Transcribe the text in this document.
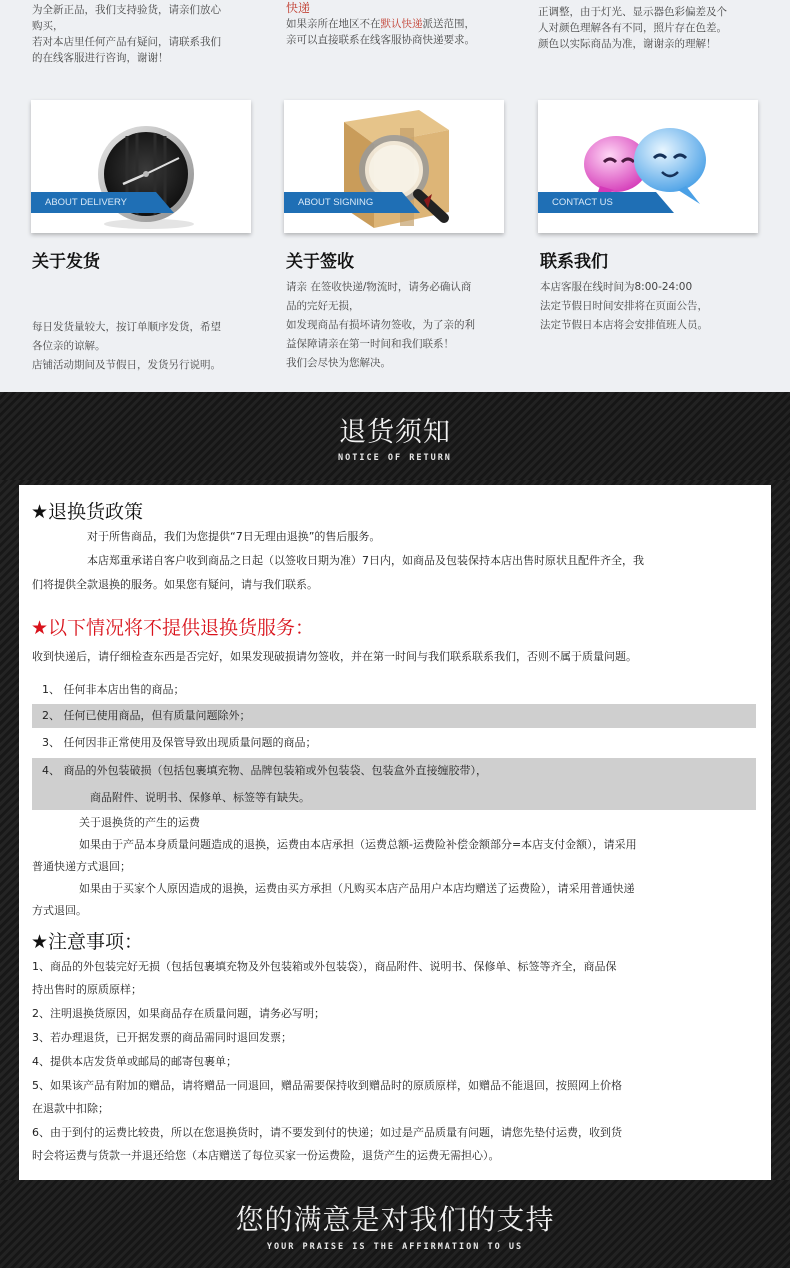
为全新正品，我们支持验货，请亲们放心
购买，
若对本店里任何产品有疑问，请联系我们
的在线客服进行咨询，谢谢！
快递
如果亲所在地区不在默认快递派送范围，
亲可以直接联系在线客服协商快递要求。
正调整，由于灯光、显示器色彩偏差及个
人对颜色理解各有不同，照片存在色差。
颜色以实际商品为准，谢谢亲的理解！
ABOUT DELIVERY	ABOUT SIGNING	CONTACT US
关于发货	关于签收	联系我们
每日发货量较大，按订单顺序发货，希望
各位亲的谅解。
店铺活动期间及节假日，发货另行说明。
请亲 在签收快递/物流时，请务必确认商
品的完好无损，
如发现商品有损坏请勿签收，为了亲的利
益保障请亲在第一时间和我们联系！
我们会尽快为您解决。
本店客服在线时间为8:00-24:00
法定节假日时间安排将在页面公告，
法定节假日本店将会安排值班人员。
退货须知
NOTICE OF RETURN
★退换货政策
对于所售商品，我们为您提供“7日无理由退换”的售后服务。
本店郑重承诺自客户收到商品之日起（以签收日期为准）7日内，如商品及包装保持本店出售时原状且配件齐全，我
们将提供全款退换的服务。如果您有疑问，请与我们联系。
★以下情况将不提供退换货服务：
收到快递后，请仔细检查东西是否完好，如果发现破损请勿签收，并在第一时间与我们联系联系我们，否则不属于质量问题。
1、 任何非本店出售的商品；
2、 任何已使用商品，但有质量问题除外；
3、 任何因非正常使用及保管导致出现质量问题的商品；
4、 商品的外包装破损（包括包裹填充物、品牌包装箱或外包装袋、包装盒外直接缠胶带），
商品附件、说明书、保修单、标签等有缺失。
关于退换货的产生的运费
如果由于产品本身质量问题造成的退换，运费由本店承担（运费总额-运费险补偿金额部分=本店支付金额），请采用
普通快递方式退回；
如果由于买家个人原因造成的退换，运费由买方承担（凡购买本店产品用户本店均赠送了运费险），请采用普通快递
方式退回。
★注意事项：
1、商品的外包装完好无损（包括包裹填充物及外包装箱或外包装袋），商品附件、说明书、保修单、标签等齐全，商品保
持出售时的原质原样；
2、注明退换货原因，如果商品存在质量问题，请务必写明；
3、若办理退货，已开据发票的商品需同时退回发票；
4、提供本店发货单或邮局的邮寄包裹单；
5、如果该产品有附加的赠品，请将赠品一同退回，赠品需要保持收到赠品时的原质原样，如赠品不能退回，按照网上价格
在退款中扣除；
6、由于到付的运费比较贵，所以在您退换货时，请不要发到付的快递；如过是产品质量有问题，请您先垫付运费，收到货
时会将运费与货款一并退还给您（本店赠送了每位买家一份运费险，退货产生的运费无需担心）。
您的满意是对我们的支持
YOUR PRAISE IS THE AFFIRMATION TO US
